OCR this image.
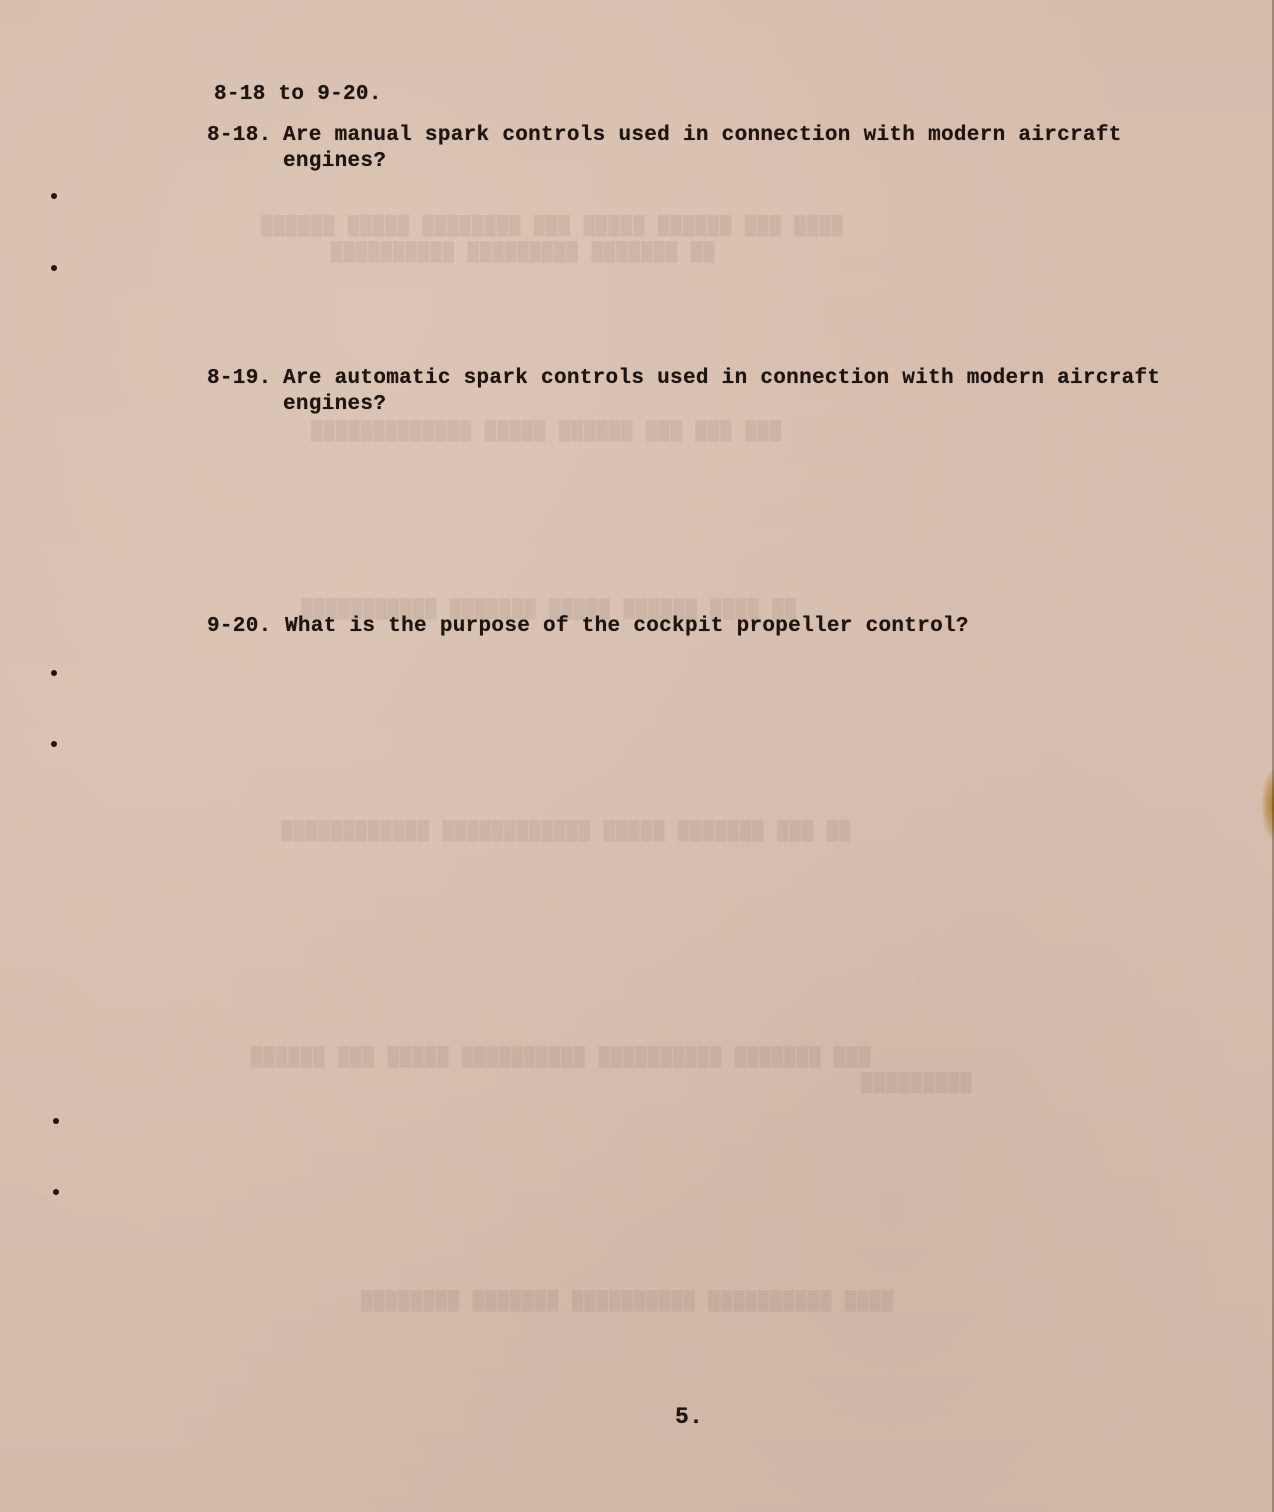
████ ███ ██████ █████ ███ ████████ █████ ██████
██ ███████ █████████ ██████████
███ ███ ███ ██████ █████ █████████████
██ ████ ██████ █████ ███████ ███████████
██ ███ ███████ █████ ████████████ ████████████
███ ███████ ██████████ ██████████ █████ ███ ██████
█████████
████ ██████████ ██████████ ███████ ████████
8-18 to 9-20.
8-18. Are manual spark controls used in connection with modern aircraft
engines?
8-19. Are automatic spark controls used in connection with modern aircraft
engines?
9-20. What is the purpose of the cockpit propeller control?
5.
